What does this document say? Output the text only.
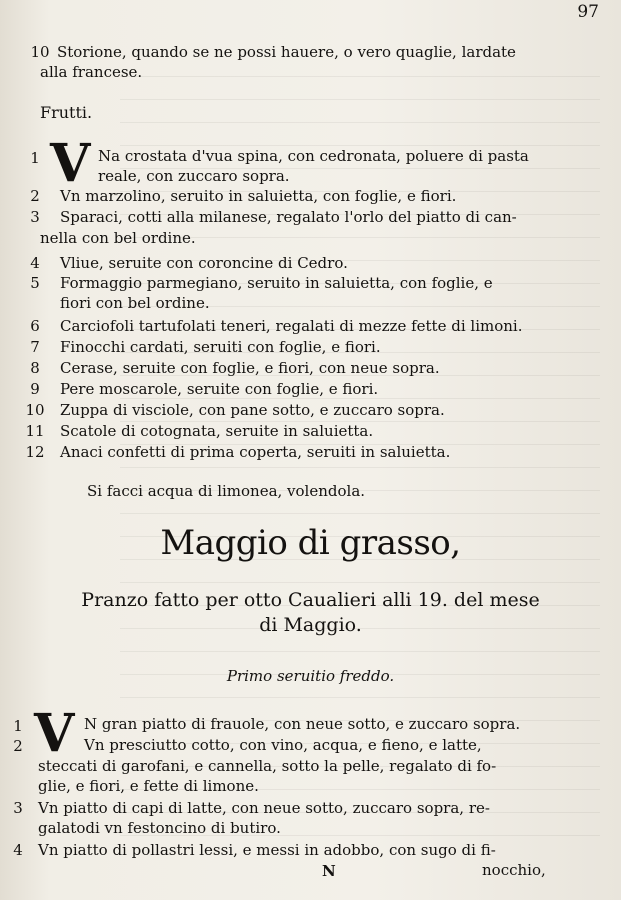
97
10 Storione, quando se ne possi hauere, o vero quaglie, lardate
alla francese.
Frutti.
1 V Na crostata d'vua spina, con cedronata, poluere di pasta
reale, con zuccaro sopra.
2	Vn marzolino, seruito in saluietta, con foglie, e fiori.
3	Sparaci, cotti alla milanese, regalato l'orlo del piatto di can-
nella con bel ordine.
4	Vliue, seruite con coroncine di Cedro.
5	Formaggio parmegiano, seruito in saluietta, con foglie, e
fiori con bel ordine.
6	Carciofoli tartufolati teneri, regalati di mezze fette di limoni.
7	Finocchi cardati, seruiti con foglie, e fiori.
8	Cerase, seruite con foglie, e fiori, con neue sopra.
9	Pere moscarole, seruite con foglie, e fiori.
10 Zuppa di visciole, con pane sotto, e zuccaro sopra.
11 Scatole di cotognata, seruite in saluietta.
12 Anaci confetti di prima coperta, seruiti in saluietta.
Si facci acqua di limonea, volendola.
Maggio di grasso,
Pranzo fatto per otto Caualieri alli 19. del mese
di Maggio.
Primo seruitio freddo.
1 V N gran piatto di frauole, con neue sotto, e zuccaro sopra.
2	Vn presciutto cotto, con vino, acqua, e fieno, e latte,
steccati di garofani, e cannella, sotto la pelle, regalato di fo-
glie, e fiori, e fette di limone.
3	Vn piatto di capi di latte, con neue sotto, zuccaro sopra, re-
galatodi vn festoncino di butiro.
4	Vn piatto di pollastri lessi, e messi in adobbo, con sugo di fi-
nocchio,
N
